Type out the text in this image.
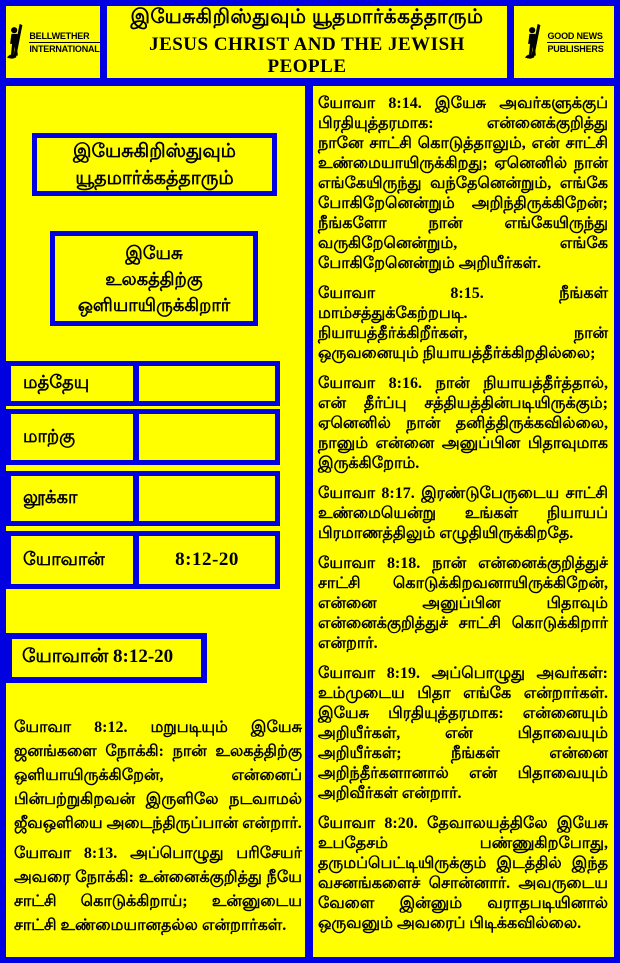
BELLWETHER
INTERNATIONAL
இயேசுகிறிஸ்துவும் யூதமார்க்கத்தாரும்
JESUS CHRIST AND THE JEWISH PEOPLE
GOOD NEWS
PUBLISHERS
இயேசுகிறிஸ்துவும்
யூதமார்க்கத்தாரும்
இயேசு
உலகத்திற்கு
ஒளியாயிருக்கிறார்
மத்தேயு
மாற்கு
லூக்கா
யோவான்	8:12-20
யோவான் 8:12-20

யோவா 8:12. மறுபடியும் இயேசு ஜனங்களை நோக்கி: நான் உலகத்திற்கு ஒளியாயிருக்கிறேன், என்னைப் பின்பற்றுகிறவன் இருளிலே நடவாமல் ஜீவஒளியை அடைந்திருப்பான் என்றார்.

யோவா 8:13. அப்பொழுது பரிசேயர் அவரை நோக்கி: உன்னைக்குறித்து நீயே சாட்சி கொடுக்கிறாய்; உன்னுடைய சாட்சி உண்மையானதல்ல என்றார்கள்.

யோவா 8:14. இயேசு அவர்களுக்குப் பிரதியுத்தரமாக: என்னைக்குறித்து நானே சாட்சி கொடுத்தாலும், என் சாட்சி உண்மையாயிருக்கிறது; ஏனெனில் நான் எங்கேயிருந்து வந்தேனென்றும், எங்கே போகிறேனென்றும் அறிந்திருக்கிறேன்; நீங்களோ நான் எங்கேயிருந்து வருகிறேனென்றும், எங்கே போகிறேனென்றும் அறியீர்கள்.

யோவா 8:15.	நீங்கள் மாம்சத்துக்கேற்றபடி. நியாயத்தீர்க்கிறீர்கள், நான் ஒருவனையும் நியாயத்தீர்க்கிறதில்லை;

யோவா 8:16. நான் நியாயத்தீர்த்தால், என் தீர்ப்பு சத்தியத்தின்படியிருக்கும்; ஏனெனில் நான் தனித்திருக்கவில்லை, நானும் என்னை அனுப்பின பிதாவுமாக இருக்கிறோம்.

யோவா 8:17. இரண்டுபேருடைய சாட்சி உண்மையென்று உங்கள் நியாயப் பிரமாணத்திலும் எழுதியிருக்கிறதே.

யோவா 8:18. நான் என்னைக்குறித்துச் சாட்சி கொடுக்கிறவனாயிருக்கிறேன், என்னை அனுப்பின பிதாவும் என்னைக்குறித்துச் சாட்சி கொடுக்கிறார் என்றார்.

யோவா 8:19. அப்பொழுது அவர்கள்: உம்முடைய பிதா எங்கே என்றார்கள். இயேசு பிரதியுத்தரமாக: என்னையும் அறியீர்கள், என் பிதாவையும் அறியீர்கள்; நீங்கள் என்னை அறிந்தீர்களானால் என் பிதாவையும் அறிவீர்கள் என்றார்.

யோவா 8:20. தேவாலயத்திலே இயேசு உபதேசம் பண்ணுகிறபோது, தருமப்பெட்டியிருக்கும் இடத்தில் இந்த வசனங்களைச் சொன்னார். அவருடைய வேளை இன்னும் வராதபடியினால் ஒருவனும் அவரைப் பிடிக்கவில்லை.
